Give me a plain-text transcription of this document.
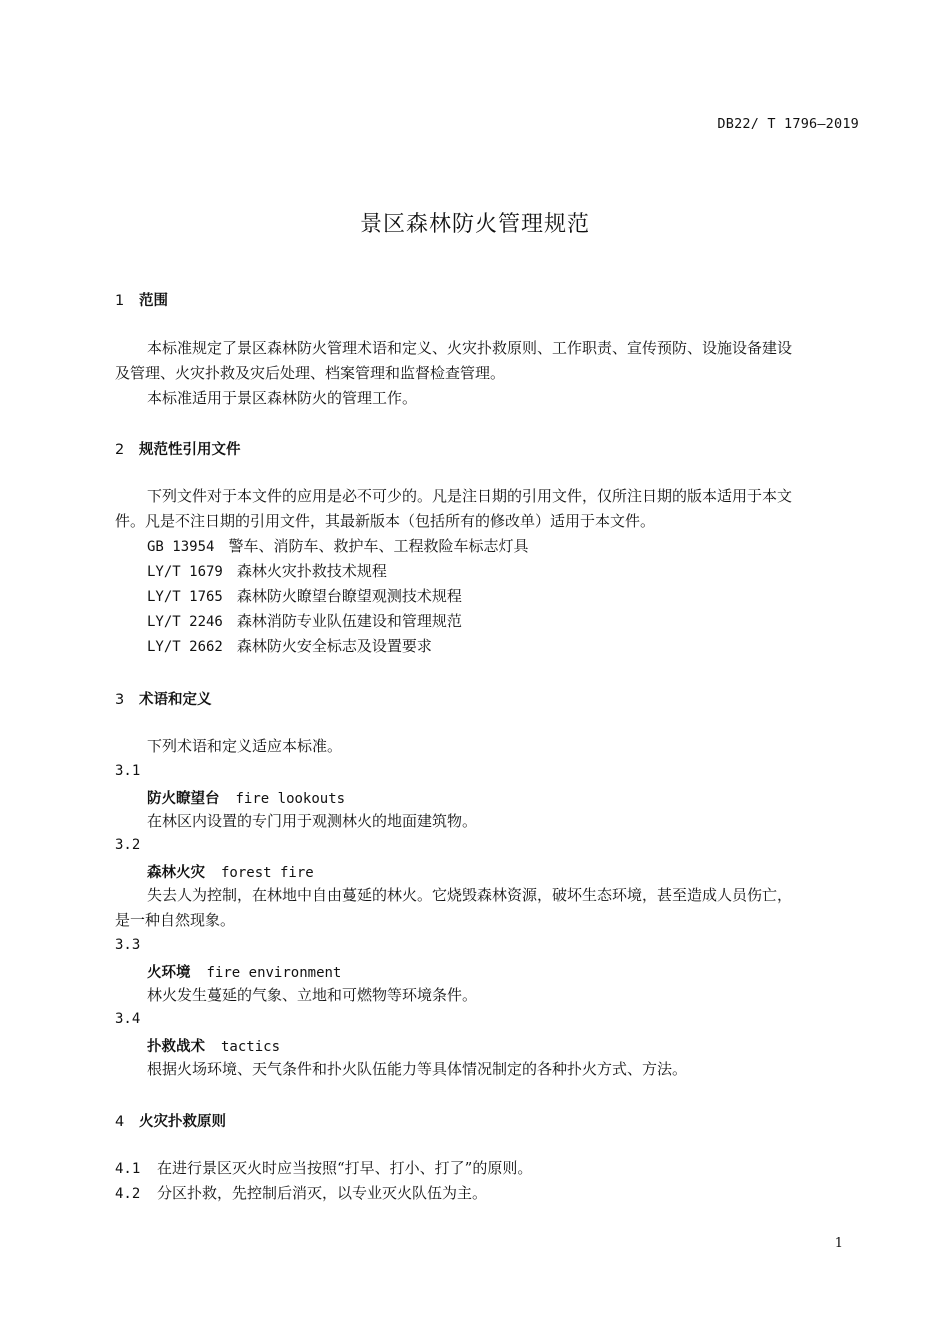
DB22/ T 1796—2019
景区森林防火管理规范
1 范围
本标准规定了景区森林防火管理术语和定义、火灾扑救原则、工作职责、宣传预防、设施设备建设
及管理、火灾扑救及灾后处理、档案管理和监督检查管理。
本标准适用于景区森林防火的管理工作。
2 规范性引用文件
下列文件对于本文件的应用是必不可少的。凡是注日期的引用文件，仅所注日期的版本适用于本文
件。凡是不注日期的引用文件，其最新版本（包括所有的修改单）适用于本文件。
GB 13954 警车、消防车、救护车、工程救险车标志灯具
LY/T 1679 森林火灾扑救技术规程
LY/T 1765 森林防火瞭望台瞭望观测技术规程
LY/T 2246 森林消防专业队伍建设和管理规范
LY/T 2662 森林防火安全标志及设置要求
3 术语和定义
下列术语和定义适应本标准。
3.1
防火瞭望台 fire lookouts
在林区内设置的专门用于观测林火的地面建筑物。
3.2
森林火灾 forest fire
失去人为控制，在林地中自由蔓延的林火。它烧毁森林资源，破坏生态环境，甚至造成人员伤亡，
是一种自然现象。
3.3
火环境 fire environment
林火发生蔓延的气象、立地和可燃物等环境条件。
3.4
扑救战术 tactics
根据火场环境、天气条件和扑火队伍能力等具体情况制定的各种扑火方式、方法。
4 火灾扑救原则
4.1 在进行景区灭火时应当按照“打早、打小、打了”的原则。
4.2 分区扑救，先控制后消灭，以专业灭火队伍为主。
1
